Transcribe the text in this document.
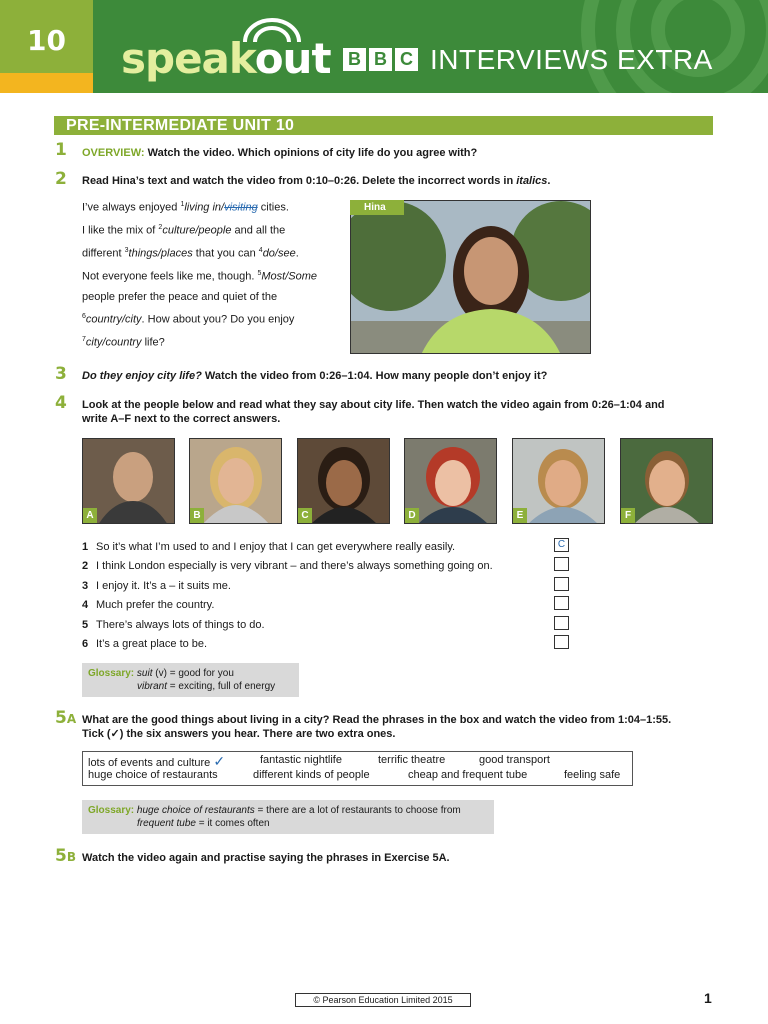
10	speakout B B C INTERVIEWS EXTRA
PRE-INTERMEDIATE UNIT 10
1 OVERVIEW: Watch the video. Which opinions of city life do you agree with?
2 Read Hina’s text and watch the video from 0:10–0:26. Delete the incorrect words in italics.
I’ve always enjoyed $^1$living in/visiting cities.
I like the mix of $^2$culture/people and all the
different $^3$things/places that you can $^4$do/see.
Not everyone feels like me, though. $^5$Most/Some
people prefer the peace and quiet of the
$^6$country/city. How about you? Do you enjoy
$^7$city/country life?
Hina
3 Do they enjoy city life? Watch the video from 0:26–1:04. How many people don’t enjoy it?
4 Look at the people below and read what they say about city life. Then watch the video again from 0:26–1:04 and
write A–F next to the correct answers.
A	B	C	D	E	F
1 So it’s what I’m used to and I enjoy that I can get everywhere really easily.
2 I think London especially is very vibrant – and there’s always something going on.
3 I enjoy it. It’s a – it suits me.
4 Much prefer the country.
5 There’s always lots of things to do.
6 It’s a great place to be.
C
Glossary: suit (v) = good for you
vibrant = exciting, full of energy
5A What are the good things about living in a city? Read the phrases in the box and watch the video from 1:04–1:55.
Tick (✓) the six answers you hear. There are two extra ones.
lots of events and culture ✓	fantastic nightlife	terrific theatre	good transport
huge choice of restaurants	different kinds of people	cheap and frequent tube	feeling safe
Glossary: huge choice of restaurants = there are a lot of restaurants to choose from
frequent tube = it comes often
5B Watch the video again and practise saying the phrases in Exercise 5A.
© Pearson Education Limited 2015	1
